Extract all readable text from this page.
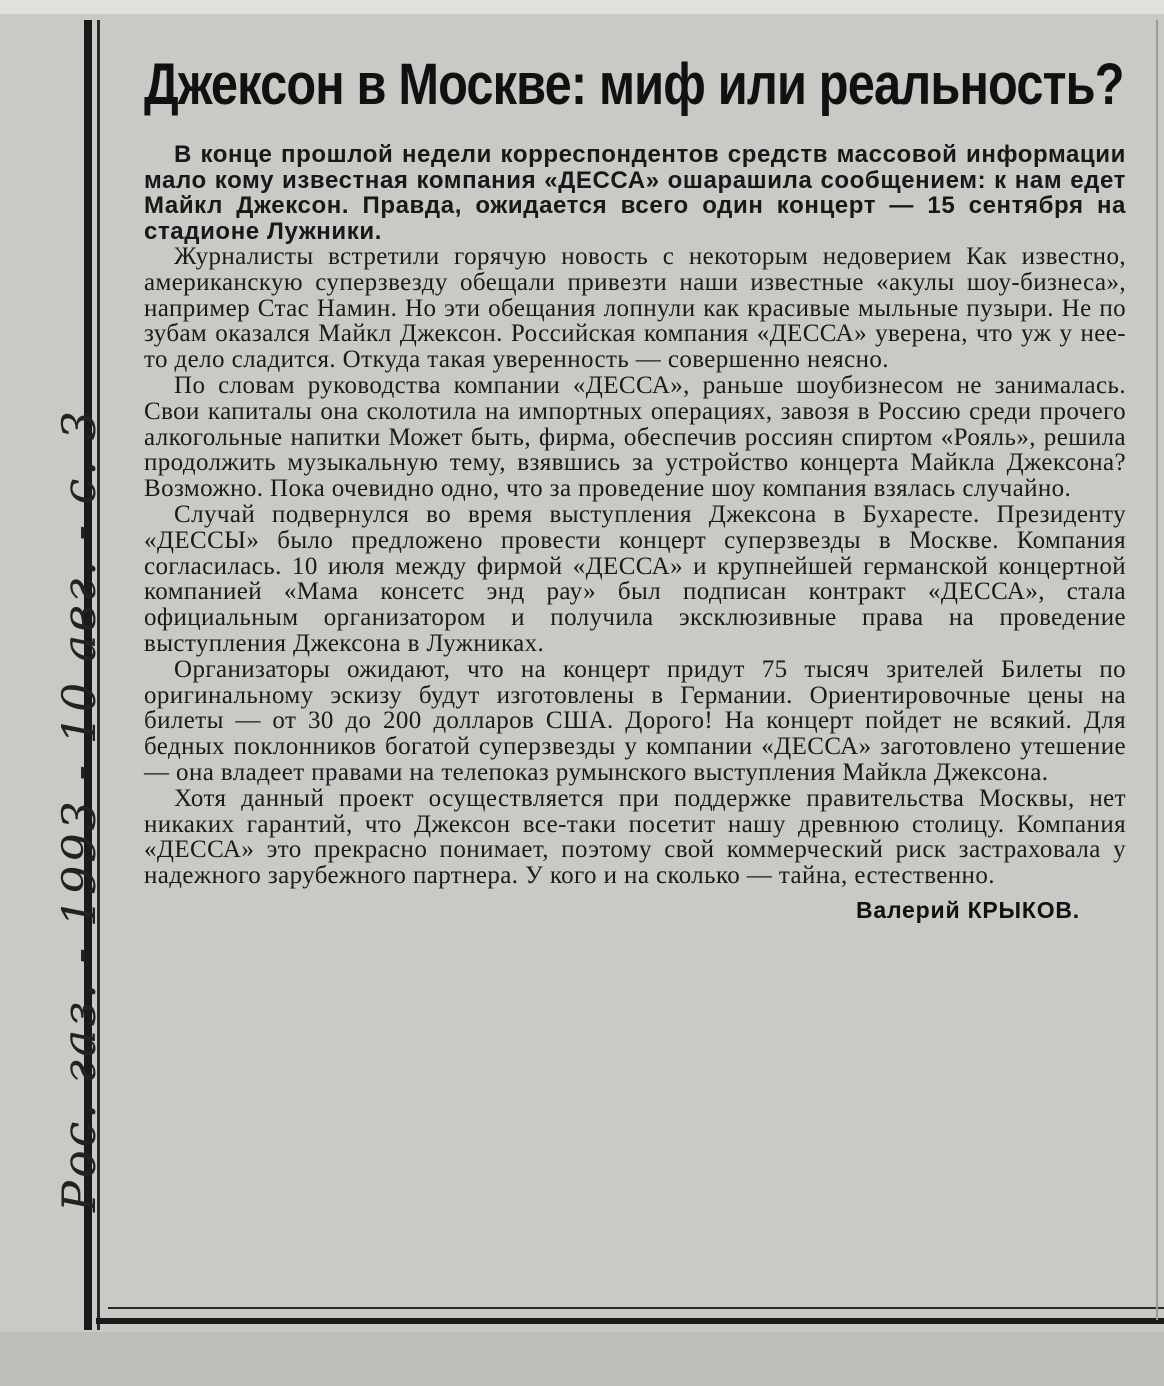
Рос. газ. - 1993 - 10 авг. - с. 3
Джексон в Москве: миф или реальность?

В конце прошлой недели корреспондентов средств массовой информации мало кому известная компания «ДЕССА» ошарашила сообщением: к нам едет Майкл Джексон. Правда, ожидается всего один концерт — 15 сентября на стадионе Лужники.

Журналисты встретили горячую новость с некоторым недоверием Как известно, американскую суперзвезду обещали привезти наши известные «акулы шоу-бизнеса», например Стас Намин. Но эти обещания лопнули как красивые мыльные пузыри. Не по зубам оказался Майкл Джексон. Российская компания «ДЕССА» уверена, что уж у нее-то дело сладится. Откуда такая уверенность — совершенно неясно.

По словам руководства компании «ДЕССА», раньше шоубизнесом не занималась. Свои капиталы она сколотила на импортных операциях, завозя в Россию среди прочего алкогольные напитки Может быть, фирма, обеспечив россиян спиртом «Рояль», решила продолжить музыкальную тему, взявшись за устройство концерта Майкла Джексона? Возможно. Пока очевидно одно, что за проведение шоу компания взялась случайно.

Случай подвернулся во время выступления Джексона в Бухаресте. Президенту «ДЕССЫ» было предложено провести концерт суперзвезды в Москве. Компания согласилась. 10 июля между фирмой «ДЕССА» и крупнейшей германской концертной компанией «Мама консетс энд рау» был подписан контракт «ДЕССА», стала официальным организатором и получила эксклюзивные права на проведение выступления Джексона в Лужниках.

Организаторы ожидают, что на концерт придут 75 тысяч зрителей Билеты по оригинальному эскизу будут изготовлены в Германии. Ориентировочные цены на билеты — от 30 до 200 долларов США. Дорого! На концерт пойдет не всякий. Для бедных поклонников богатой суперзвезды у компании «ДЕССА» заготовлено утешение — она владеет правами на телепоказ румынского выступления Майкла Джексона.

Хотя данный проект осуществляется при поддержке правительства Москвы, нет никаких гарантий, что Джексон все-таки посетит нашу древнюю столицу. Компания «ДЕССА» это прекрасно понимает, поэтому свой коммерческий риск застраховала у надежного зарубежного партнера. У кого и на сколько — тайна, естественно.

Валерий КРЫКОВ.
